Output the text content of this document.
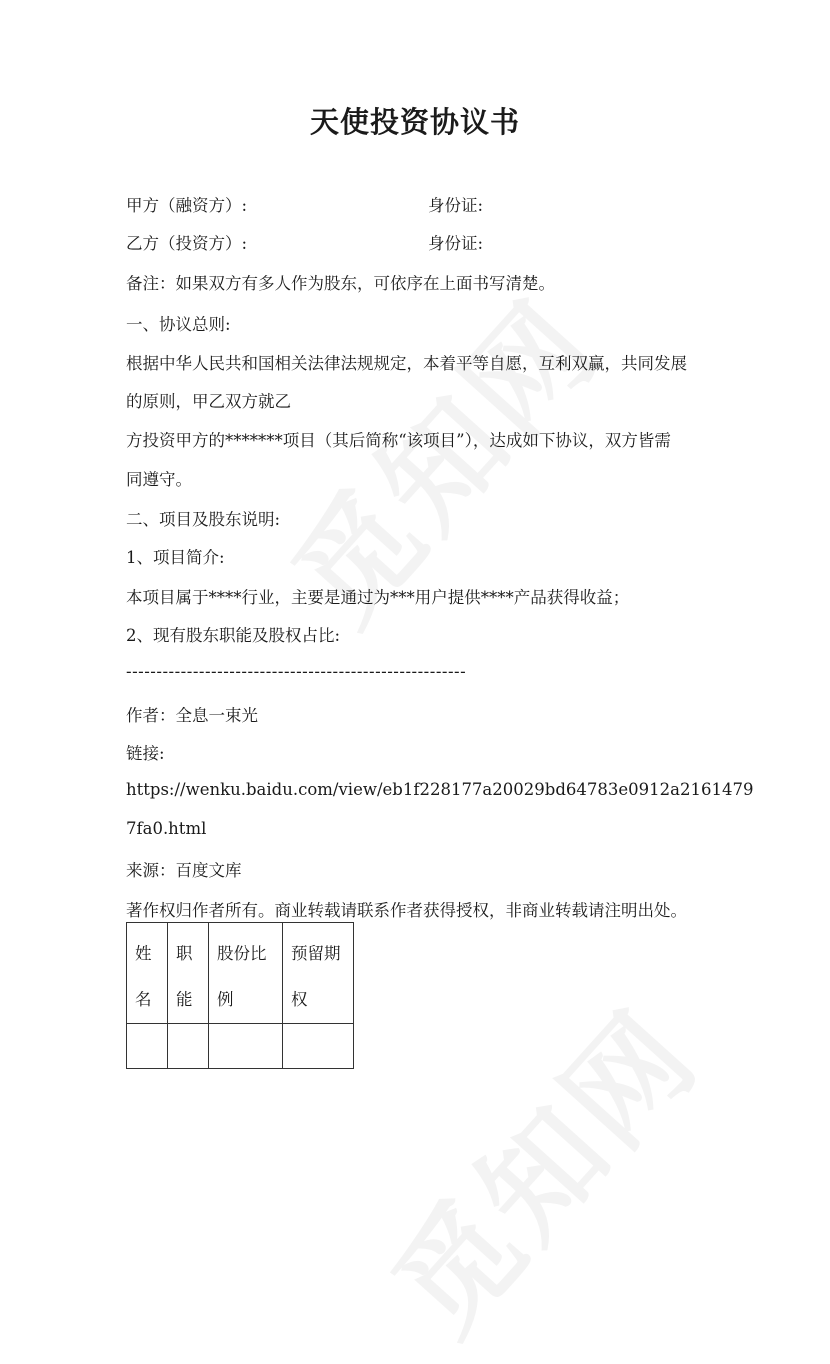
天使投资协议书

甲方（融资方）:	身份证:

乙方（投资方）:	身份证:

备注：如果双方有多人作为股东，可依序在上面书写清楚。

一、协议总则:

根据中华人民共和国相关法律法规规定，本着平等自愿，互利双赢，共同发展

的原则，甲乙双方就乙

方投资甲方的*******项目（其后简称“该项目”），达成如下协议，双方皆需

同遵守。

二、项目及股东说明:

1、项目简介:

本项目属于****行业，主要是通过为***用户提供****产品获得收益；

2、现有股东职能及股权占比:

--------------------------------------------------------

作者：全息一束光

链接:

https://wenku.baidu.com/view/eb1f228177a20029bd64783e0912a2161479

7fa0.html

来源：百度文库

著作权归作者所有。商业转载请联系作者获得授权，非商业转载请注明出处。

姓名	职能	股份比例	预留期权
